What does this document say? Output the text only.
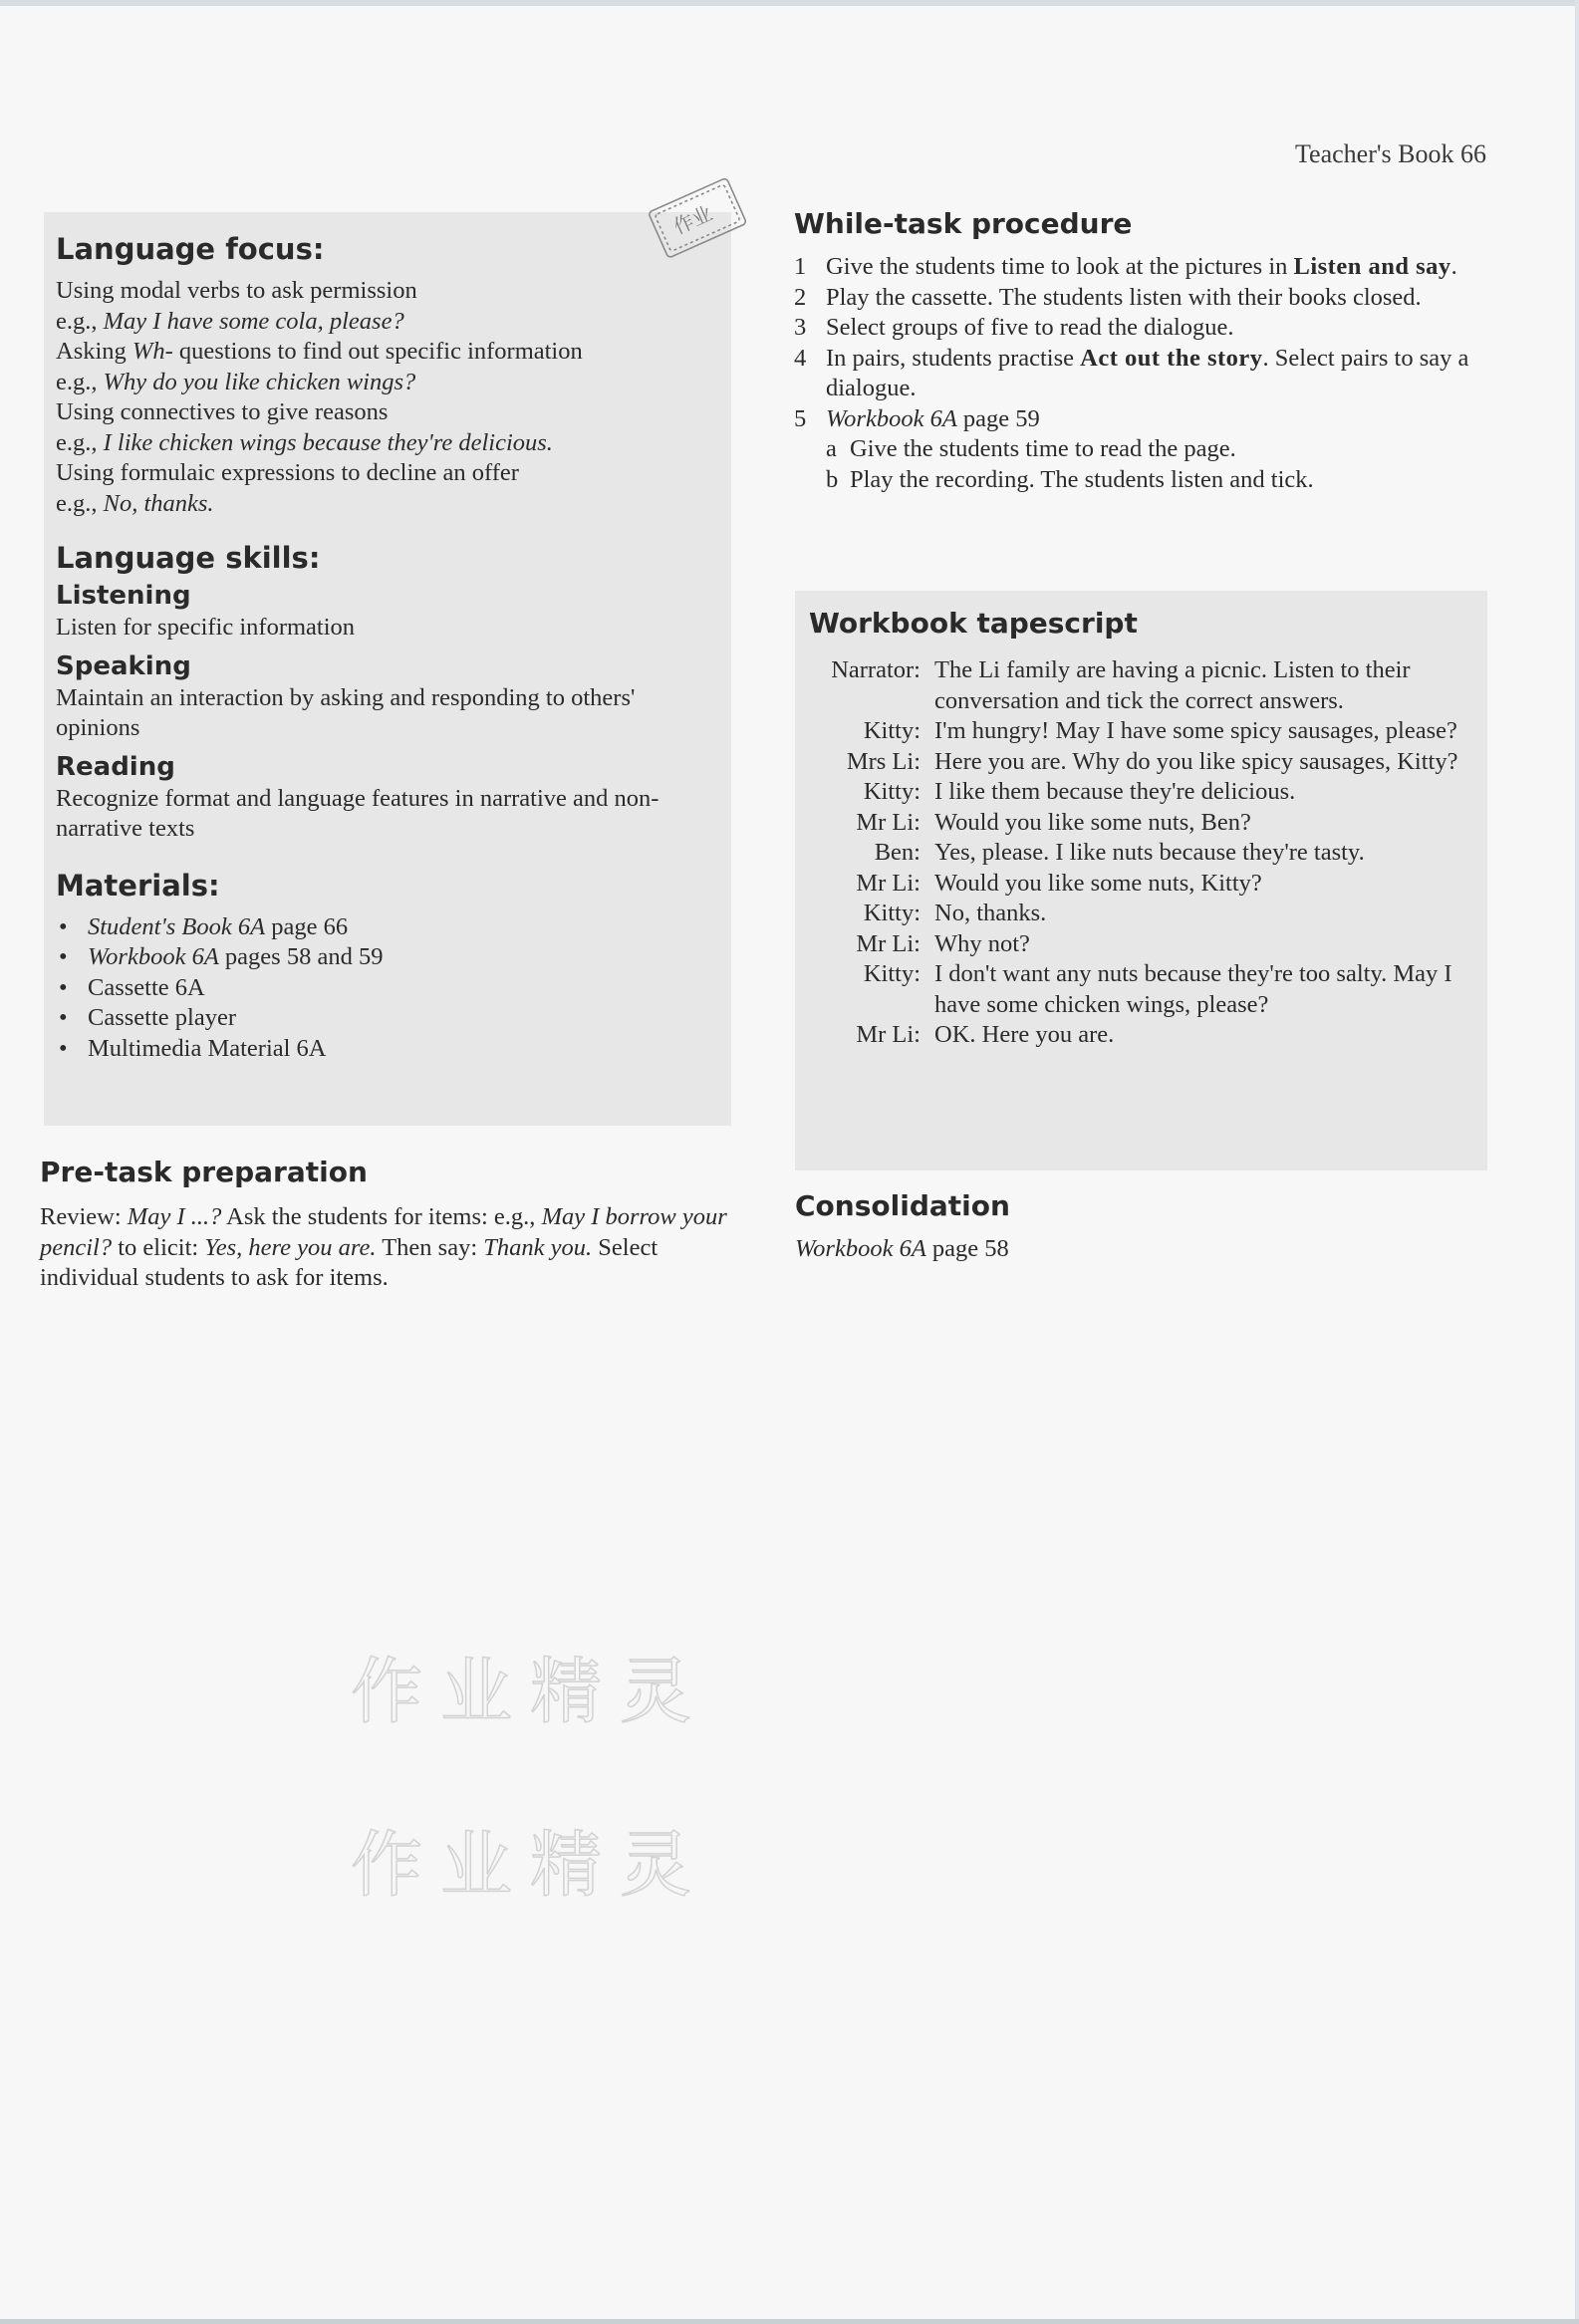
Teacher's Book 66
作业
Language focus:
Using modal verbs to ask permission
e.g., May I have some cola, please?
Asking Wh- questions to find out specific information
e.g., Why do you like chicken wings?
Using connectives to give reasons
e.g., I like chicken wings because they're delicious.
Using formulaic expressions to decline an offer
e.g., No, thanks.
Language skills:
Listening
Listen for specific information
Speaking
Maintain an interaction by asking and responding to others' opinions
Reading
Recognize format and language features in narrative and non-narrative texts
Materials:
• Student's Book 6A page 66
• Workbook 6A pages 58 and 59
• Cassette 6A
• Cassette player
• Multimedia Material 6A
Pre-task preparation
Review: May I ...? Ask the students for items: e.g., May I borrow your pencil? to elicit: Yes, here you are. Then say: Thank you. Select individual students to ask for items.
While-task procedure
1 Give the students time to look at the pictures in Listen and say.
2 Play the cassette. The students listen with their books closed.
3 Select groups of five to read the dialogue.
4 In pairs, students practise Act out the story. Select pairs to say a dialogue.
5 Workbook 6A page 59
a Give the students time to read the page.
b Play the recording. The students listen and tick.
Workbook tapescript
Narrator: The Li family are having a picnic. Listen to their conversation and tick the correct answers.
Kitty: I'm hungry! May I have some spicy sausages, please?
Mrs Li: Here you are. Why do you like spicy sausages, Kitty?
Kitty: I like them because they're delicious.
Mr Li: Would you like some nuts, Ben?
Ben: Yes, please. I like nuts because they're tasty.
Mr Li: Would you like some nuts, Kitty?
Kitty: No, thanks.
Mr Li: Why not?
Kitty: I don't want any nuts because they're too salty. May I have some chicken wings, please?
Mr Li: OK. Here you are.
Consolidation
Workbook 6A page 58
作业精灵
作业精灵
